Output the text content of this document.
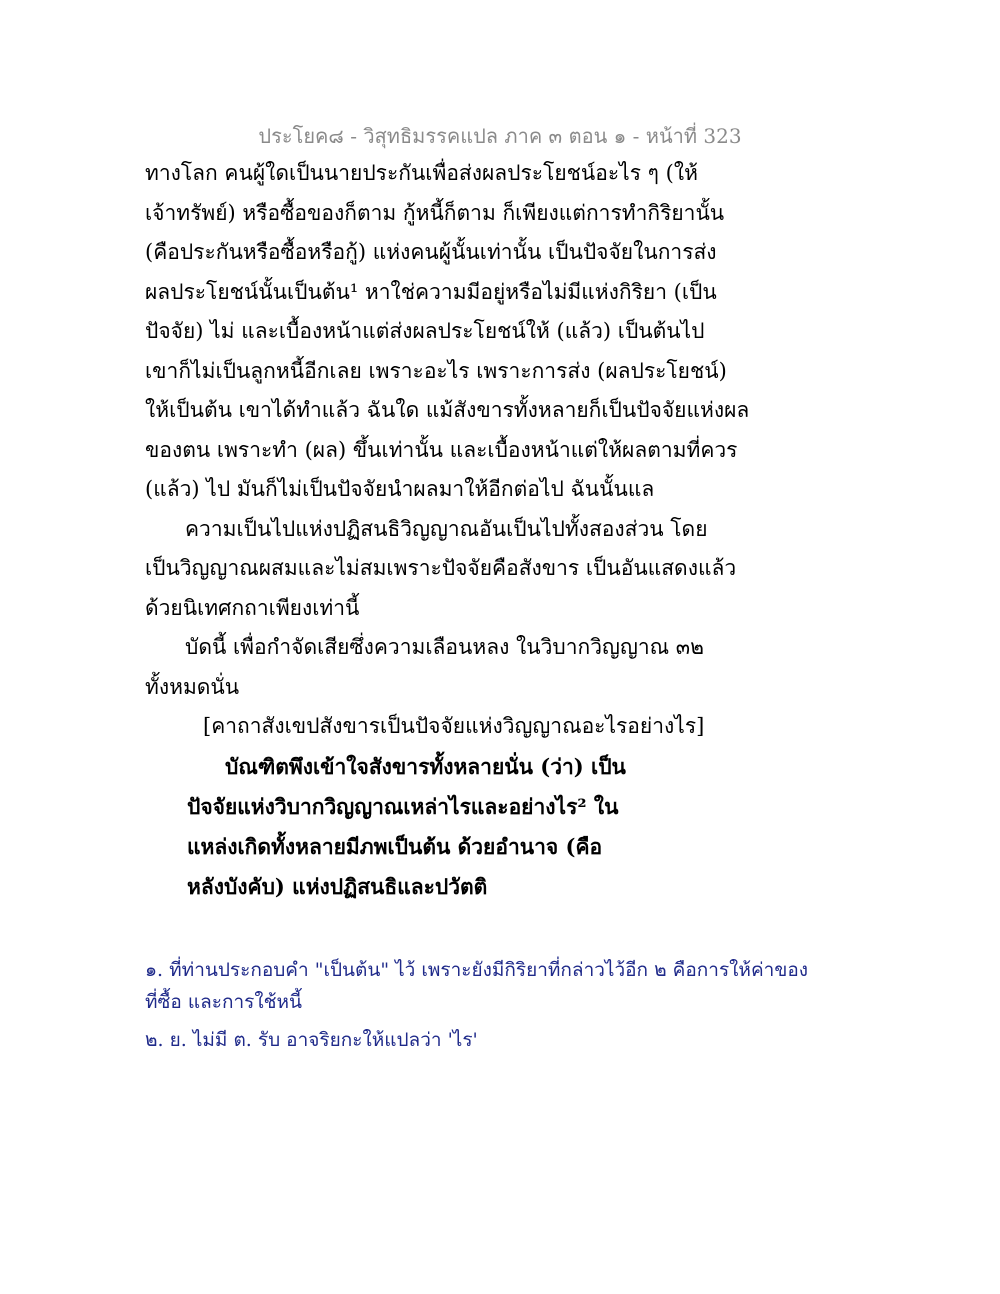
ประโยค๘ - วิสุทธิมรรคแปล ภาค ๓ ตอน ๑ - หน้าที่ 323
ทางโลก คนผู้ใดเป็นนายประกันเพื่อส่งผลประโยชน์อะไร ๆ (ให้
เจ้าทรัพย์) หรือซื้อของก็ตาม กู้หนี้ก็ตาม ก็เพียงแต่การทำกิริยานั้น
(คือประกันหรือซื้อหรือกู้) แห่งคนผู้นั้นเท่านั้น เป็นปัจจัยในการส่ง
ผลประโยชน์นั้นเป็นต้น¹ หาใช่ความมีอยู่หรือไม่มีแห่งกิริยา (เป็น
ปัจจัย) ไม่ และเบื้องหน้าแต่ส่งผลประโยชน์ให้ (แล้ว) เป็นต้นไป
เขาก็ไม่เป็นลูกหนี้อีกเลย เพราะอะไร เพราะการส่ง (ผลประโยชน์)
ให้เป็นต้น เขาได้ทำแล้ว ฉันใด แม้สังขารทั้งหลายก็เป็นปัจจัยแห่งผล
ของตน เพราะทำ (ผล) ขึ้นเท่านั้น และเบื้องหน้าแต่ให้ผลตามที่ควร
(แล้ว) ไป มันก็ไม่เป็นปัจจัยนำผลมาให้อีกต่อไป ฉันนั้นแล
ความเป็นไปแห่งปฏิสนธิวิญญาณอันเป็นไปทั้งสองส่วน โดย
เป็นวิญญาณผสมและไม่สมเพราะปัจจัยคือสังขาร เป็นอันแสดงแล้ว
ด้วยนิเทศกถาเพียงเท่านี้
บัดนี้ เพื่อกำจัดเสียซึ่งความเลือนหลง ในวิบากวิญญาณ ๓๒
ทั้งหมดนั่น
[คาถาสังเขปสังขารเป็นปัจจัยแห่งวิญญาณอะไรอย่างไร]
บัณฑิตพึงเข้าใจสังขารทั้งหลายนั่น (ว่า) เป็น
ปัจจัยแห่งวิบากวิญญาณเหล่าไรและอย่างไร² ใน
แหล่งเกิดทั้งหลายมีภพเป็นต้น ด้วยอำนาจ (คือ
หลังบังคับ) แห่งปฏิสนธิและปวัตติ
๑. ที่ท่านประกอบคำ "เป็นต้น" ไว้ เพราะยังมีกิริยาที่กล่าวไว้อีก ๒ คือการให้ค่าของ
ที่ซื้อ และการใช้หนี้
๒. ย. ไม่มี ต. รับ อาจริยกะให้แปลว่า 'ไร'
